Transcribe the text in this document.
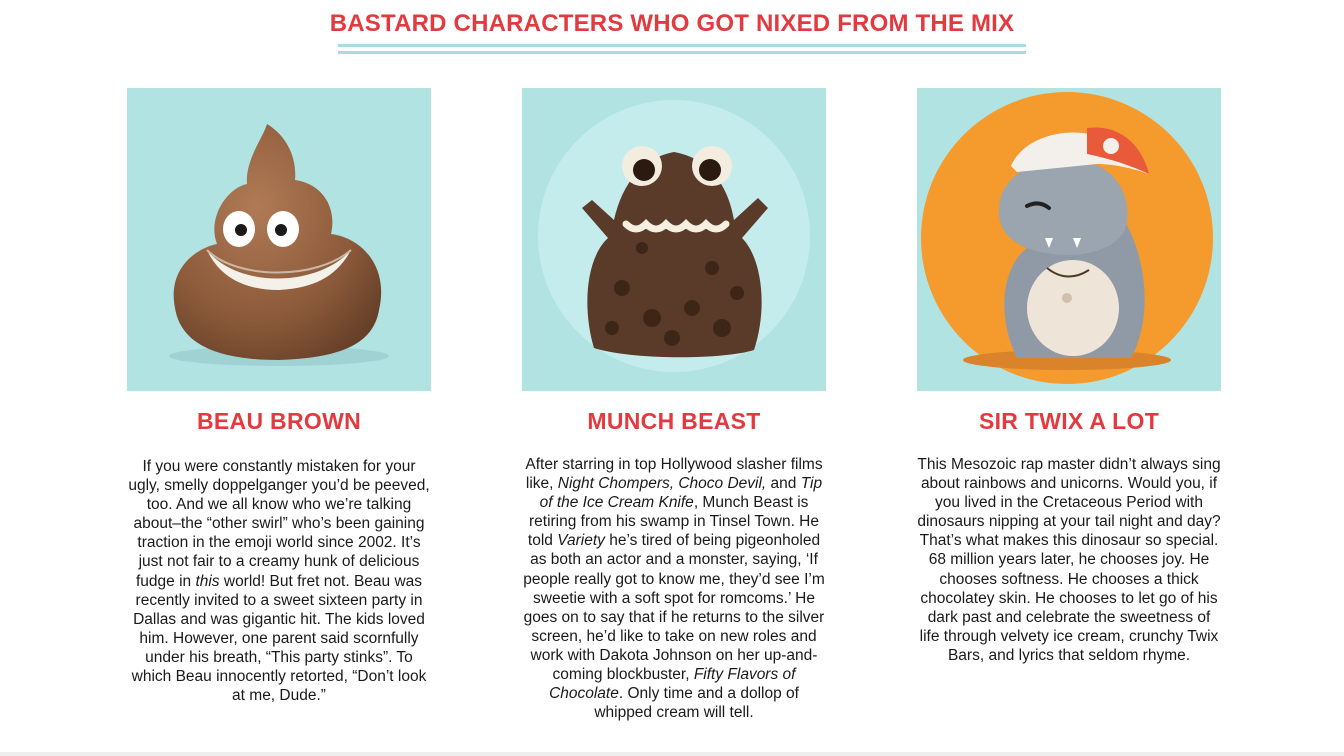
BASTARD CHARACTERS WHO GOT NIXED FROM THE MIX
BEAU BROWN
If you were constantly mistaken for your ugly, smelly doppelganger you’d be peeved, too. And we all know who we’re talking about–the “other swirl” who’s been gaining traction in the emoji world since 2002. It’s just not fair to a creamy hunk of delicious fudge in this world! But fret not. Beau was recently invited to a sweet sixteen party in Dallas and was gigantic hit. The kids loved him. However, one parent said scornfully under his breath, “This party stinks”. To which Beau innocently retorted, “Don’t look at me, Dude.”
MUNCH BEAST
After starring in top Hollywood slasher films like, Night Chompers, Choco Devil, and Tip of the Ice Cream Knife, Munch Beast is retiring from his swamp in Tinsel Town. He told Variety he’s tired of being pigeonholed as both an actor and a monster, saying, ‘If people really got to know me, they’d see I’m sweetie with a soft spot for romcoms.’ He goes on to say that if he returns to the silver screen, he’d like to take on new roles and work with Dakota Johnson on her up-and-coming blockbuster, Fifty Flavors of Chocolate. Only time and a dollop of whipped cream will tell.
SIR TWIX A LOT
This Mesozoic rap master didn’t always sing about rainbows and unicorns. Would you, if you lived in the Cretaceous Period with dinosaurs nipping at your tail night and day? That’s what makes this dinosaur so special. 68 million years later, he chooses joy. He chooses softness. He chooses a thick chocolatey skin. He chooses to let go of his dark past and celebrate the sweetness of life through velvety ice cream, crunchy Twix Bars, and lyrics that seldom rhyme.
